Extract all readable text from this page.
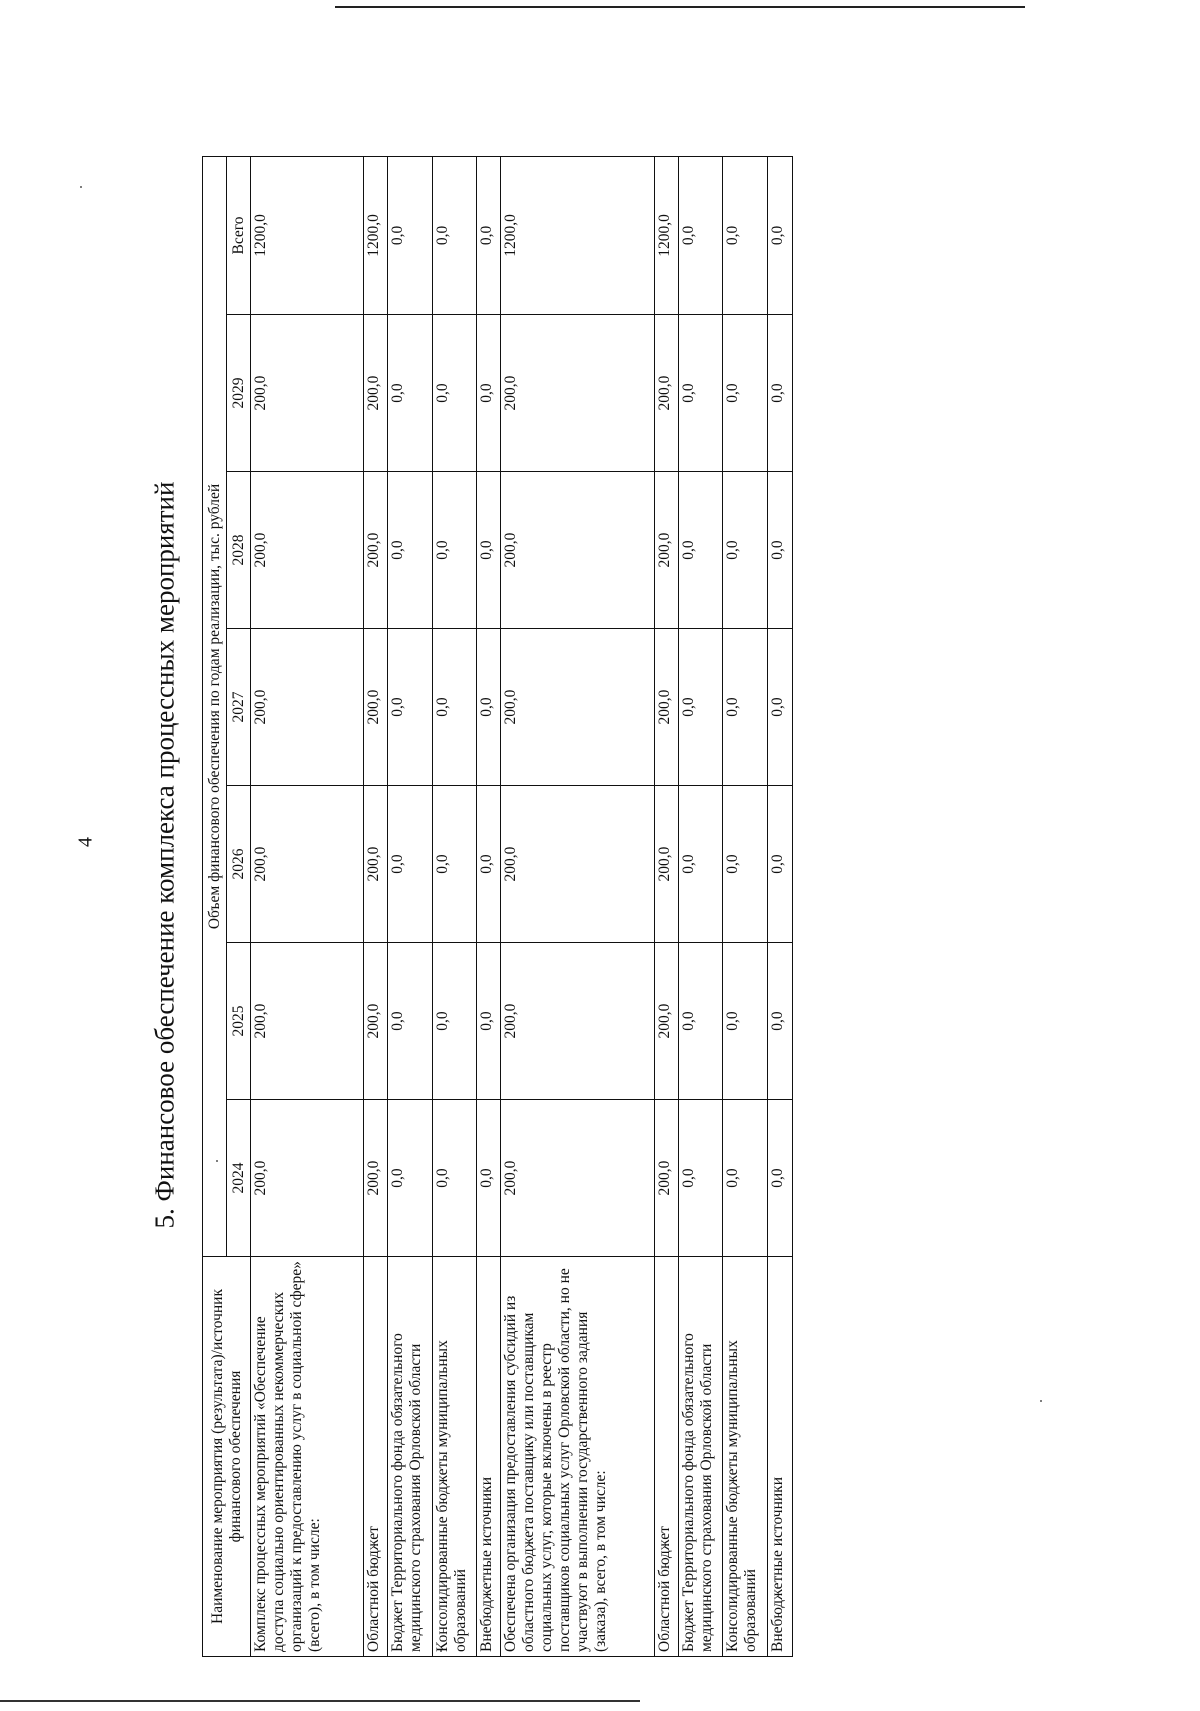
4 5. Финансовое обеспечение комплекса процессных мероприятий
Наименование мероприятия (результата)/источник финансового обеспечения	Объем финансового обеспечения по годам реализации, тыс. рублей						
	2024	2025	2026	2027	2028	2029	Всего
Комплекс процессных мероприятий «Обеспечение доступа социально ориентированных некоммерческих организаций к предоставлению услуг в социальной сфере» (всего), в том числе:	200,0	200,0	200,0	200,0	200,0	200,0	1200,0
Областной бюджет	200,0	200,0	200,0	200,0	200,0	200,0	1200,0
Бюджет Территориального фонда обязательного медицинского страхования Орловской области	0,0	0,0	0,0	0,0	0,0	0,0	0,0
Консолидированные бюджеты муниципальных образований	0,0	0,0	0,0	0,0	0,0	0,0	0,0
Внебюджетные источники	0,0	0,0	0,0	0,0	0,0	0,0	0,0
Обеспечена организация предоставления субсидий из областного бюджета поставщику или поставщикам социальных услуг, которые включены в реестр поставщиков социальных услуг Орловской области, но не участвуют в выполнении государственного задания (заказа), всего, в том числе:	200,0	200,0	200,0	200,0	200,0	200,0	1200,0
Областной бюджет	200,0	200,0	200,0	200,0	200,0	200,0	1200,0
Бюджет Территориального фонда обязательного медицинского страхования Орловской области	0,0	0,0	0,0	0,0	0,0	0,0	0,0
Консолидированные бюджеты муниципальных образований	0,0	0,0	0,0	0,0	0,0	0,0	0,0
Внебюджетные источники	0,0	0,0	0,0	0,0	0,0	0,0	0,0
